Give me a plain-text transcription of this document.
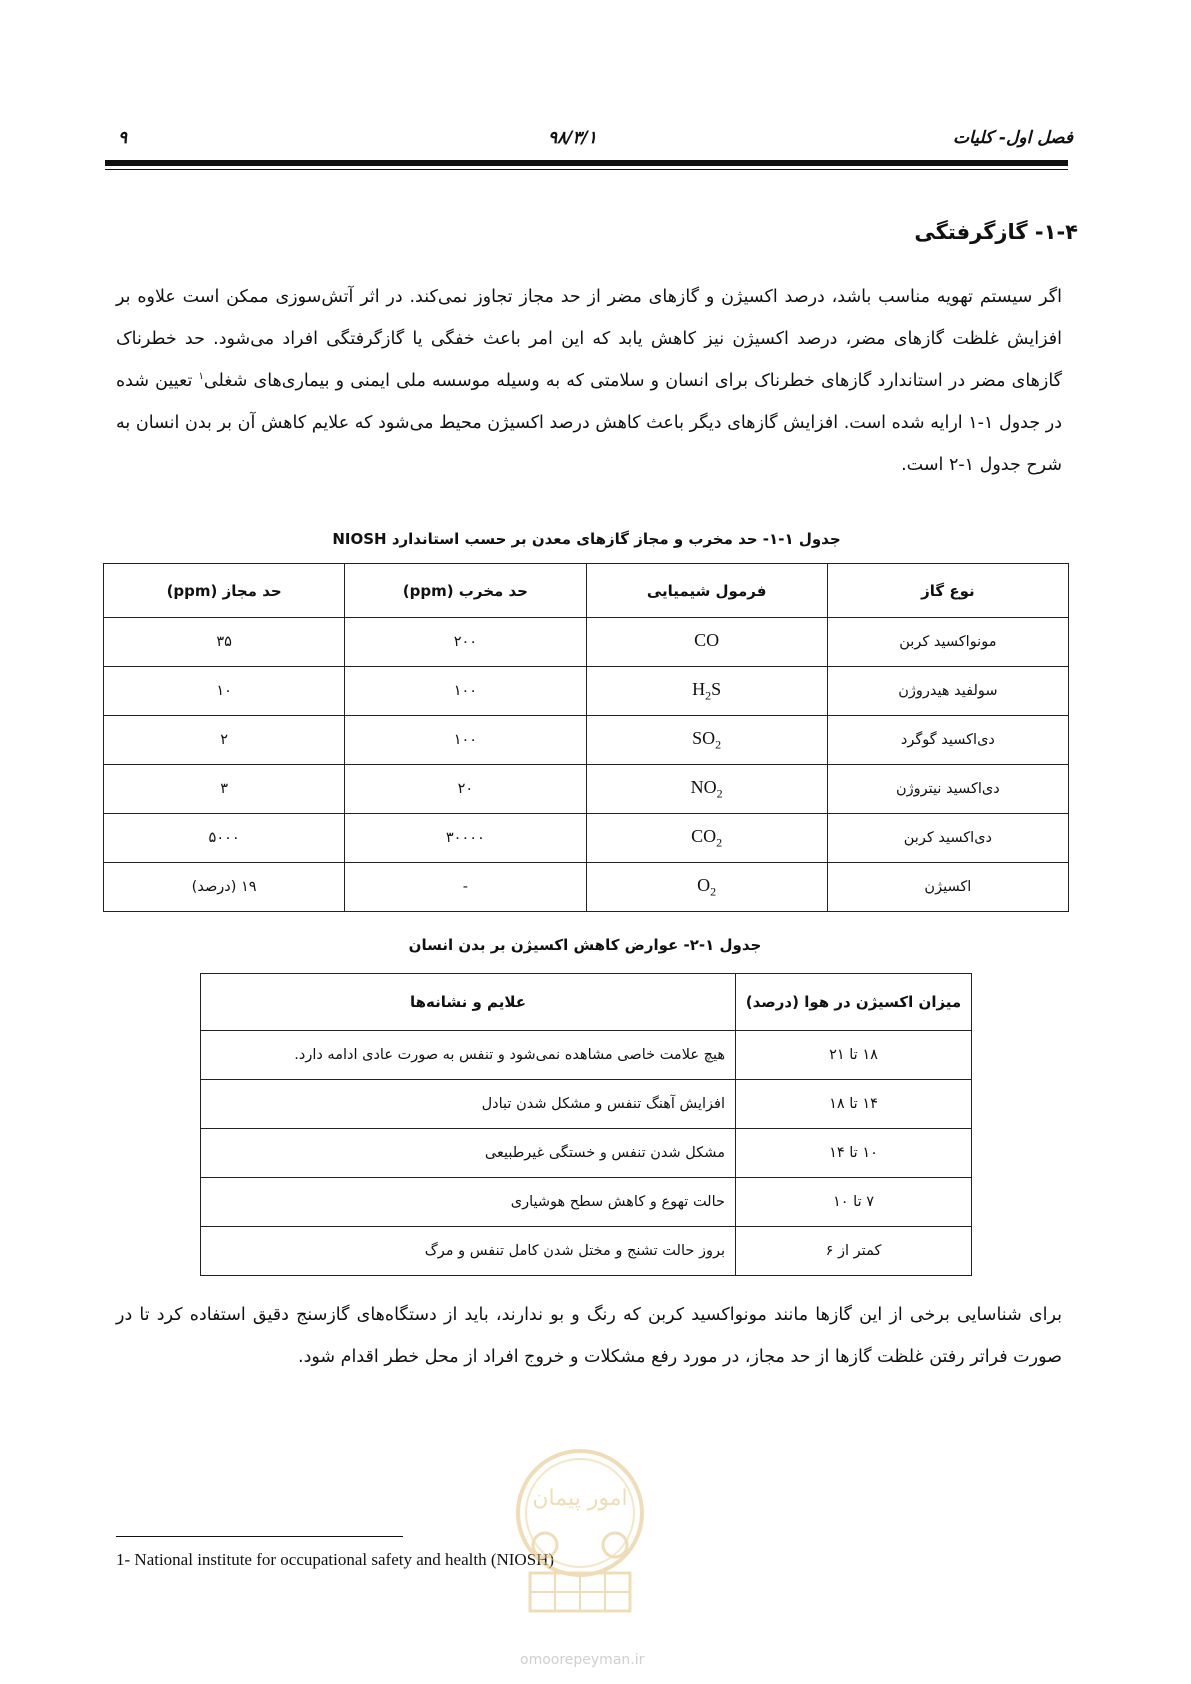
فصل اول- کلیات
۹۸/۳/۱
۹
۱-۴- گازگرفتگی
اگر سیستم تهویه مناسب باشد، درصد اکسیژن و گازهای مضر از حد مجاز تجاوز نمی‌کند. در اثر آتش‌سوزی ممکن است علاوه بر افزایش غلظت گازهای مضر، درصد اکسیژن نیز کاهش یابد که این امر باعث خفگی یا گازگرفتگی افراد می‌شود. حد خطرناک گازهای مضر در استاندارد گازهای خطرناک برای انسان و سلامتی که به وسیله موسسه ملی ایمنی و بیماری‌های شغلی$^۱$ تعیین شده در جدول ۱-۱ ارایه شده است. افزایش گازهای دیگر باعث کاهش درصد اکسیژن محیط می‌شود که علایم کاهش آن بر بدن انسان به شرح جدول ۱-۲ است.
جدول ۱-۱- حد مخرب و مجاز گازهای معدن بر حسب استاندارد NIOSH
نوع گاز	فرمول شیمیایی	حد مخرب (ppm)	حد مجاز (ppm)
مونواکسید کربن	CO	۲۰۰	۳۵
سولفید هیدروژن	$H_2S$	۱۰۰	۱۰
دی‌اکسید گوگرد	$SO_2$	۱۰۰	۲
دی‌اکسید نیتروژن	$NO_2$	۲۰	۳
دی‌اکسید کربن	$CO_2$	۳۰۰۰۰	۵۰۰۰
اکسیژن	$O_2$	-	۱۹ (درصد)
جدول ۱-۲- عوارض کاهش اکسیژن بر بدن انسان
میزان اکسیژن در هوا (درصد)	علایم و نشانه‌ها
۱۸ تا ۲۱	هیچ علامت خاصی مشاهده نمی‌شود و تنفس به صورت عادی ادامه دارد.
۱۴ تا ۱۸	افزایش آهنگ تنفس و مشکل شدن تبادل
۱۰ تا ۱۴	مشکل شدن تنفس و خستگی غیرطبیعی
۷ تا ۱۰	حالت تهوع و کاهش سطح هوشیاری
کمتر از ۶	بروز حالت تشنج و مختل شدن کامل تنفس و مرگ
برای شناسایی برخی از این گازها مانند مونواکسید کربن که رنگ و بو ندارند، باید از دستگاه‌های گازسنج دقیق استفاده کرد تا در صورت فراتر رفتن غلظت گازها از حد مجاز، در مورد رفع مشکلات و خروج افراد از محل خطر اقدام شود.
1- National institute for occupational safety and health (NIOSH)
امور پیمان
omoorepeyman.ir
